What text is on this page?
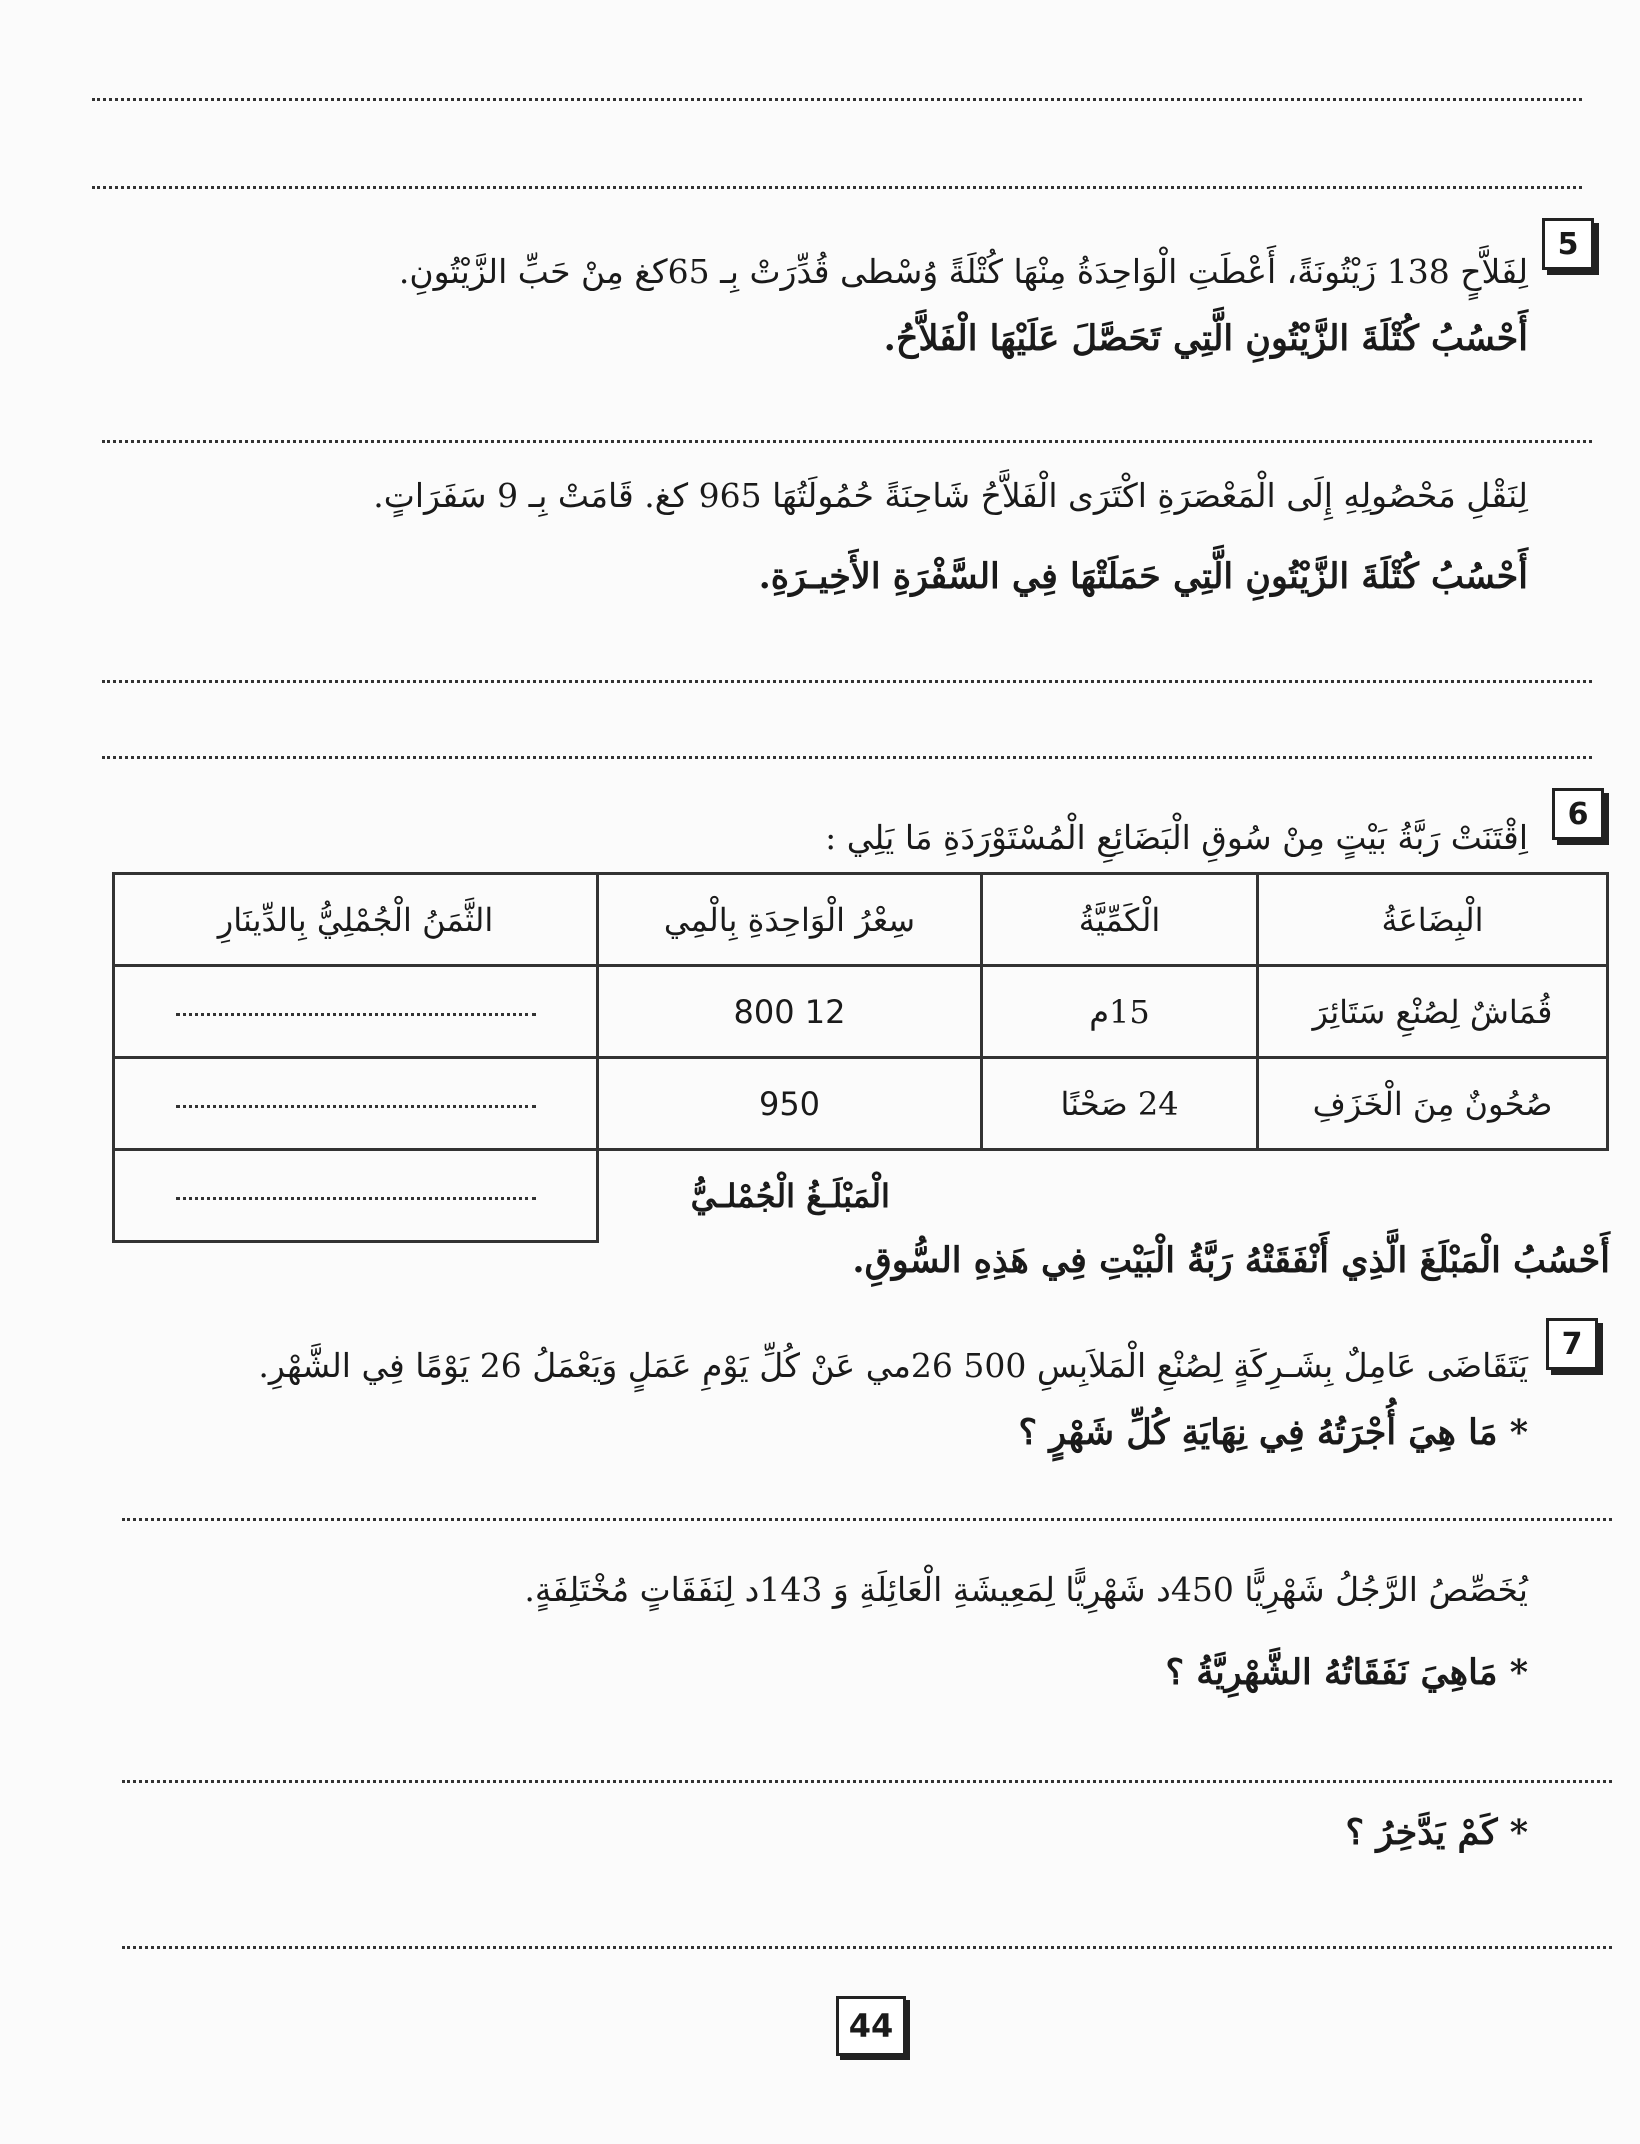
5
لِفَلاَّحٍ 138 زَيْتُونَةً، أَعْطَتِ الْوَاحِدَةُ مِنْهَا كُتْلَةً وُسْطى قُدِّرَتْ بِـ 65كغ مِنْ حَبِّ الزَّيْتُونِ.
أَحْسُبُ كُتْلَةَ الزَّيْتُونِ الَّتِي تَحَصَّلَ عَلَيْهَا الْفَلاَّحُ.
لِنَقْلِ مَحْصُولِهِ إِلَى الْمَعْصَرَةِ اكْتَرَى الْفَلاَّحُ شَاحِنَةً حُمُولَتُهَا 965 كغ. قَامَتْ بِـ 9 سَفَرَاتٍ.
أَحْسُبُ كُتْلَةَ الزَّيْتُونِ الَّتِي حَمَلَتْهَا فِي السَّفْرَةِ الأَخِيـرَةِ.
6
اِقْتَنَتْ رَبَّةُ بَيْتٍ مِنْ سُوقِ الْبَضَائِعِ الْمُسْتَوْرَدَةِ مَا يَلِي :
الْبِضَاعَةُ	الْكَمِّيَّةُ	سِعْرُ الْوَاحِدَةِ بِالْمِي	الثَّمَنُ الْجُمْلِيُّ بِالدِّينَارِ
قُمَاشٌ لِصُنْعِ سَتَائِرَ	15م	12 800	
صُحُونٌ مِنَ الْخَزَفِ	24 صَحْنًا	950	
		الْمَبْلَـغُ الْجُمْلـيُّ	
أَحْسُبُ الْمَبْلَغَ الَّذِي أَنْفَقَتْهُ رَبَّةُ الْبَيْتِ فِي هَذِهِ السُّوقِ.
7
يَتَقَاضَى عَامِلٌ بِشَـرِكَةٍ لِصُنْعِ الْمَلاَبِسِ 500 26مي عَنْ كُلِّ يَوْمِ عَمَلٍ وَيَعْمَلُ 26 يَوْمًا فِي الشَّهْرِ.
* مَا هِيَ أُجْرَتُهُ فِي نِهَايَةِ كُلِّ شَهْرٍ ؟
يُخَصِّصُ الرَّجُلُ شَهْرِيًّا 450د شَهْرِيًّا لِمَعِيشَةِ الْعَائِلَةِ وَ 143د لِنَفَقَاتٍ مُخْتَلِفَةٍ.
* مَاهِيَ نَفَقَاتُهُ الشَّهْرِيَّةُ ؟
* كَمْ يَدَّخِرُ ؟
44
